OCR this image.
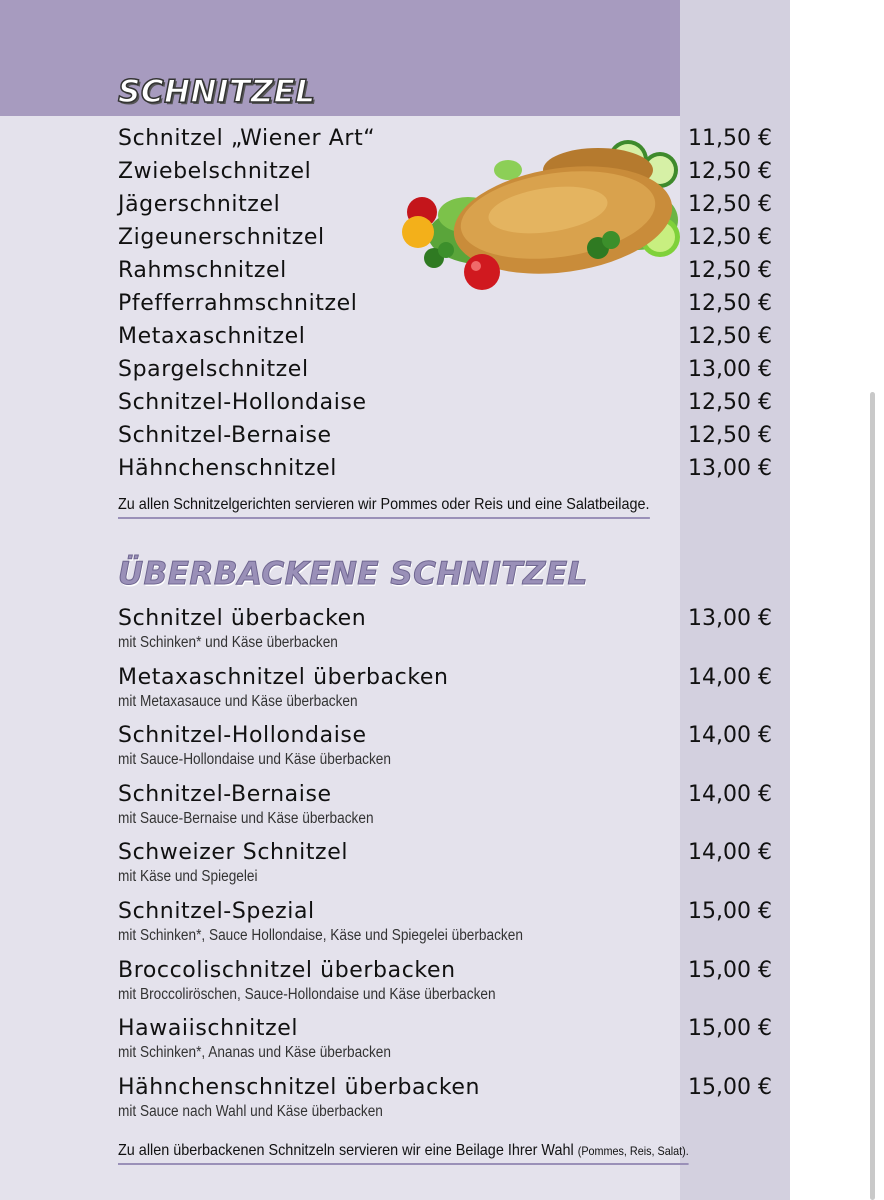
SCHNITZEL
Schnitzel „Wiener Art“	11,50 €
Zwiebelschnitzel	12,50 €
Jägerschnitzel	12,50 €
Zigeunerschnitzel	12,50 €
Rahmschnitzel	12,50 €
Pfefferrahmschnitzel	12,50 €
Metaxaschnitzel	12,50 €
Spargelschnitzel	13,00 €
Schnitzel-Hollondaise	12,50 €
Schnitzel-Bernaise	12,50 €
Hähnchenschnitzel	13,00 €
Zu allen Schnitzelgerichten servieren wir Pommes oder Reis und eine Salatbeilage.
ÜBERBACKENE SCHNITZEL
Schnitzel überbacken	13,00 €
mit Schinken* und Käse überbacken
Metaxaschnitzel überbacken	14,00 €
mit Metaxasauce und Käse überbacken
Schnitzel-Hollondaise	14,00 €
mit Sauce-Hollondaise und Käse überbacken
Schnitzel-Bernaise	14,00 €
mit Sauce-Bernaise und Käse überbacken
Schweizer Schnitzel	14,00 €
mit Käse und Spiegelei
Schnitzel-Spezial	15,00 €
mit Schinken*, Sauce Hollondaise, Käse und Spiegelei überbacken
Broccolischnitzel überbacken	15,00 €
mit Broccoliröschen, Sauce-Hollondaise und Käse überbacken
Hawaiischnitzel	15,00 €
mit Schinken*, Ananas und Käse überbacken
Hähnchenschnitzel überbacken	15,00 €
mit Sauce nach Wahl und Käse überbacken
Zu allen überbackenen Schnitzeln servieren wir eine Beilage Ihrer Wahl (Pommes, Reis, Salat).
